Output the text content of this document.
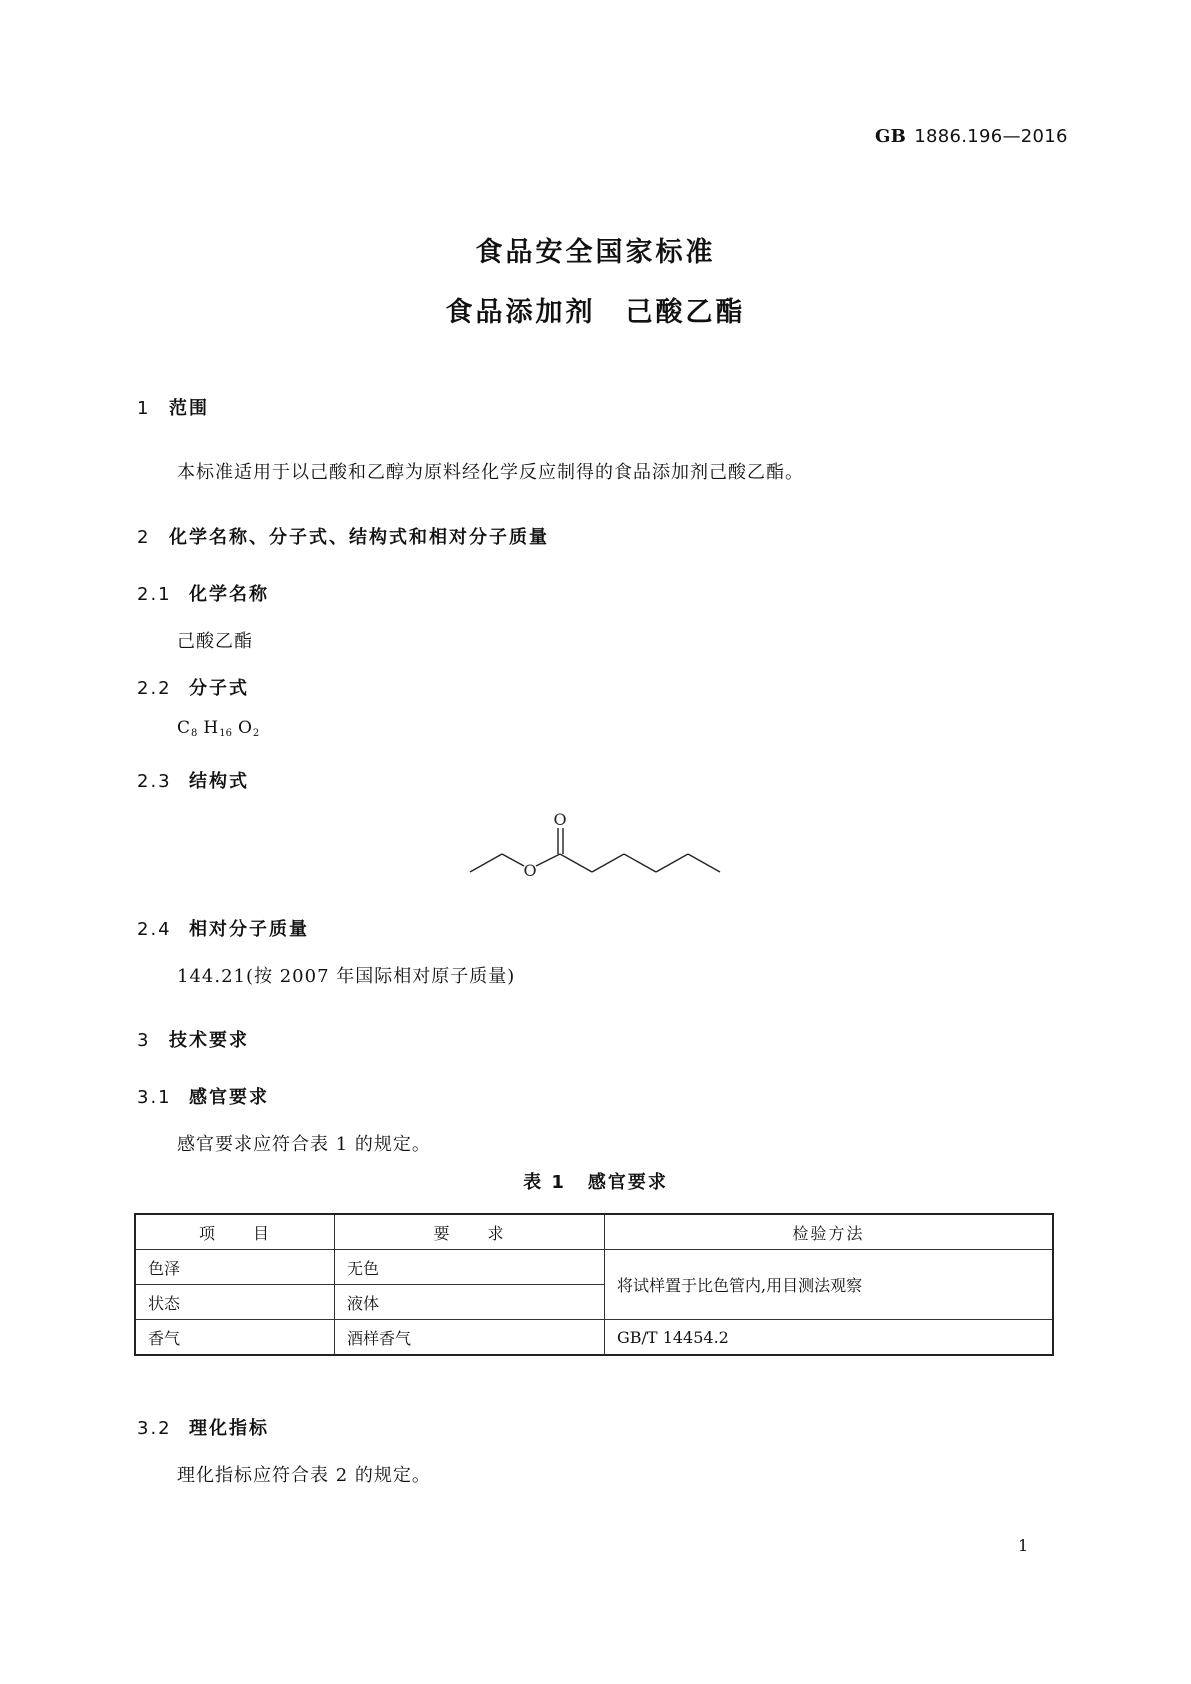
GB 1886.196—2016
食品安全国家标准
食品添加剂　己酸乙酯
1 范围
本标准适用于以己酸和乙醇为原料经化学反应制得的食品添加剂己酸乙酯。
2 化学名称、分子式、结构式和相对分子质量
2.1 化学名称
己酸乙酯
2.2 分子式
$C_8$ $H_{16}$ $O_2$
2.3 结构式
O
O
2.4 相对分子质量
144.21(按 2007 年国际相对原子质量)
3 技术要求
3.1 感官要求
感官要求应符合表 1 的规定。
表 1 感官要求
项　　目	要　　求	检验方法
色泽	无色	将试样置于比色管内,用目测法观察
状态	液体	
香气	酒样香气	GB/T 14454.2
3.2 理化指标
理化指标应符合表 2 的规定。
1
